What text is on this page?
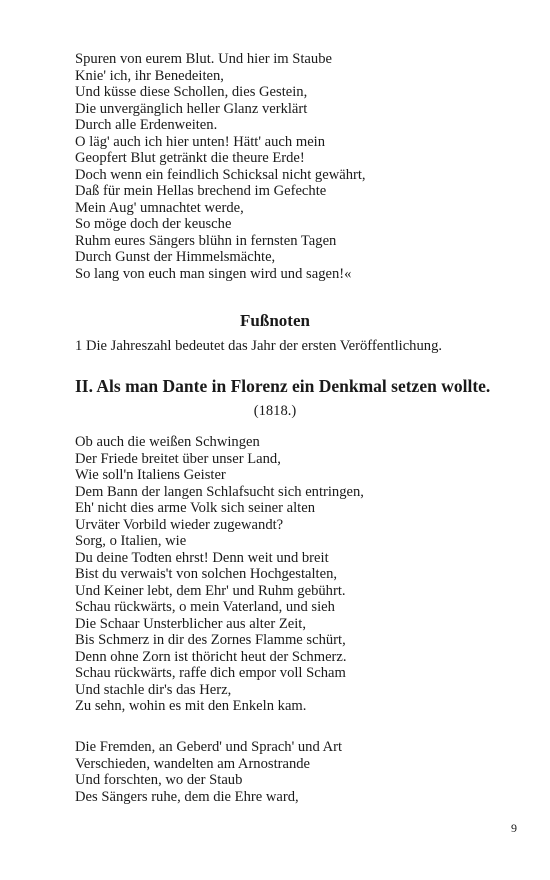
Spuren von eurem Blut. Und hier im Staube
Knie' ich, ihr Benedeiten,
Und küsse diese Schollen, dies Gestein,
Die unvergänglich heller Glanz verklärt
Durch alle Erdenweiten.
O läg' auch ich hier unten! Hätt' auch mein
Geopfert Blut getränkt die theure Erde!
Doch wenn ein feindlich Schicksal nicht gewährt,
Daß für mein Hellas brechend im Gefechte
Mein Aug' umnachtet werde,
So möge doch der keusche
Ruhm eures Sängers blühn in fernsten Tagen
Durch Gunst der Himmelsmächte,
So lang von euch man singen wird und sagen!«
Fußnoten
1 Die Jahreszahl bedeutet das Jahr der ersten Veröffentlichung.
II. Als man Dante in Florenz ein Denkmal setzen wollte.
(1818.)
Ob auch die weißen Schwingen
Der Friede breitet über unser Land,
Wie soll'n Italiens Geister
Dem Bann der langen Schlafsucht sich entringen,
Eh' nicht dies arme Volk sich seiner alten
Urväter Vorbild wieder zugewandt?
Sorg, o Italien, wie
Du deine Todten ehrst! Denn weit und breit
Bist du verwais't von solchen Hochgestalten,
Und Keiner lebt, dem Ehr' und Ruhm gebührt.
Schau rückwärts, o mein Vaterland, und sieh
Die Schaar Unsterblicher aus alter Zeit,
Bis Schmerz in dir des Zornes Flamme schürt,
Denn ohne Zorn ist thöricht heut der Schmerz.
Schau rückwärts, raffe dich empor voll Scham
Und stachle dir's das Herz,
Zu sehn, wohin es mit den Enkeln kam.
Die Fremden, an Geberd' und Sprach' und Art
Verschieden, wandelten am Arnostrande
Und forschten, wo der Staub
Des Sängers ruhe, dem die Ehre ward,
9
